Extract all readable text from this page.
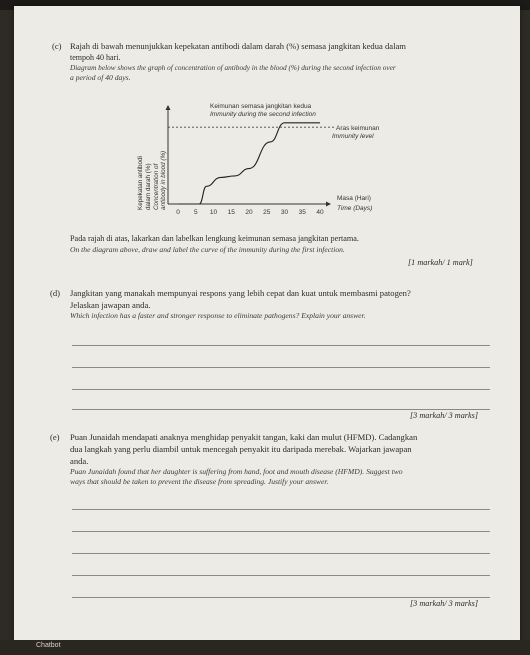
(c) Rajah di bawah menunjukkan kepekatan antibodi dalam darah (%) semasa jangkitan kedua dalam
tempoh 40 hari.
Diagram below shows the graph of concentration of antibody in the blood (%) during the second infection over
a period of 40 days.
Kepekatan antibodi dalam darah (%) Concentration of antibody in blood (%)
Keimunan semasa jangkitan kedua
Immunity during the second infection
Aras keimunan
Immunity level
Masa (Hari)
Time (Days)
0 5 10 15 20 25 30 35 40
Pada rajah di atas, lakarkan dan labelkan lengkung keimunan semasa jangkitan pertama.
On the diagram above, draw and label the curve of the immunity during the first infection.
[1 markah/ 1 mark]
(d) Jangkitan yang manakah mempunyai respons yang lebih cepat dan kuat untuk membasmi patogen?
Jelaskan jawapan anda.
Which infection has a faster and stronger response to eliminate pathogens? Explain your answer.
[3 markah/ 3 marks]
(e) Puan Junaidah mendapati anaknya menghidap penyakit tangan, kaki dan mulut (HFMD). Cadangkan
dua langkah yang perlu diambil untuk mencegah penyakit itu daripada merebak. Wajarkan jawapan
anda.
Puan Junaidah found that her daughter is suffering from hand, foot and mouth disease (HFMD). Suggest two
ways that should be taken to prevent the disease from spreading. Justify your answer.
[3 markah/ 3 marks]
Chatbot
